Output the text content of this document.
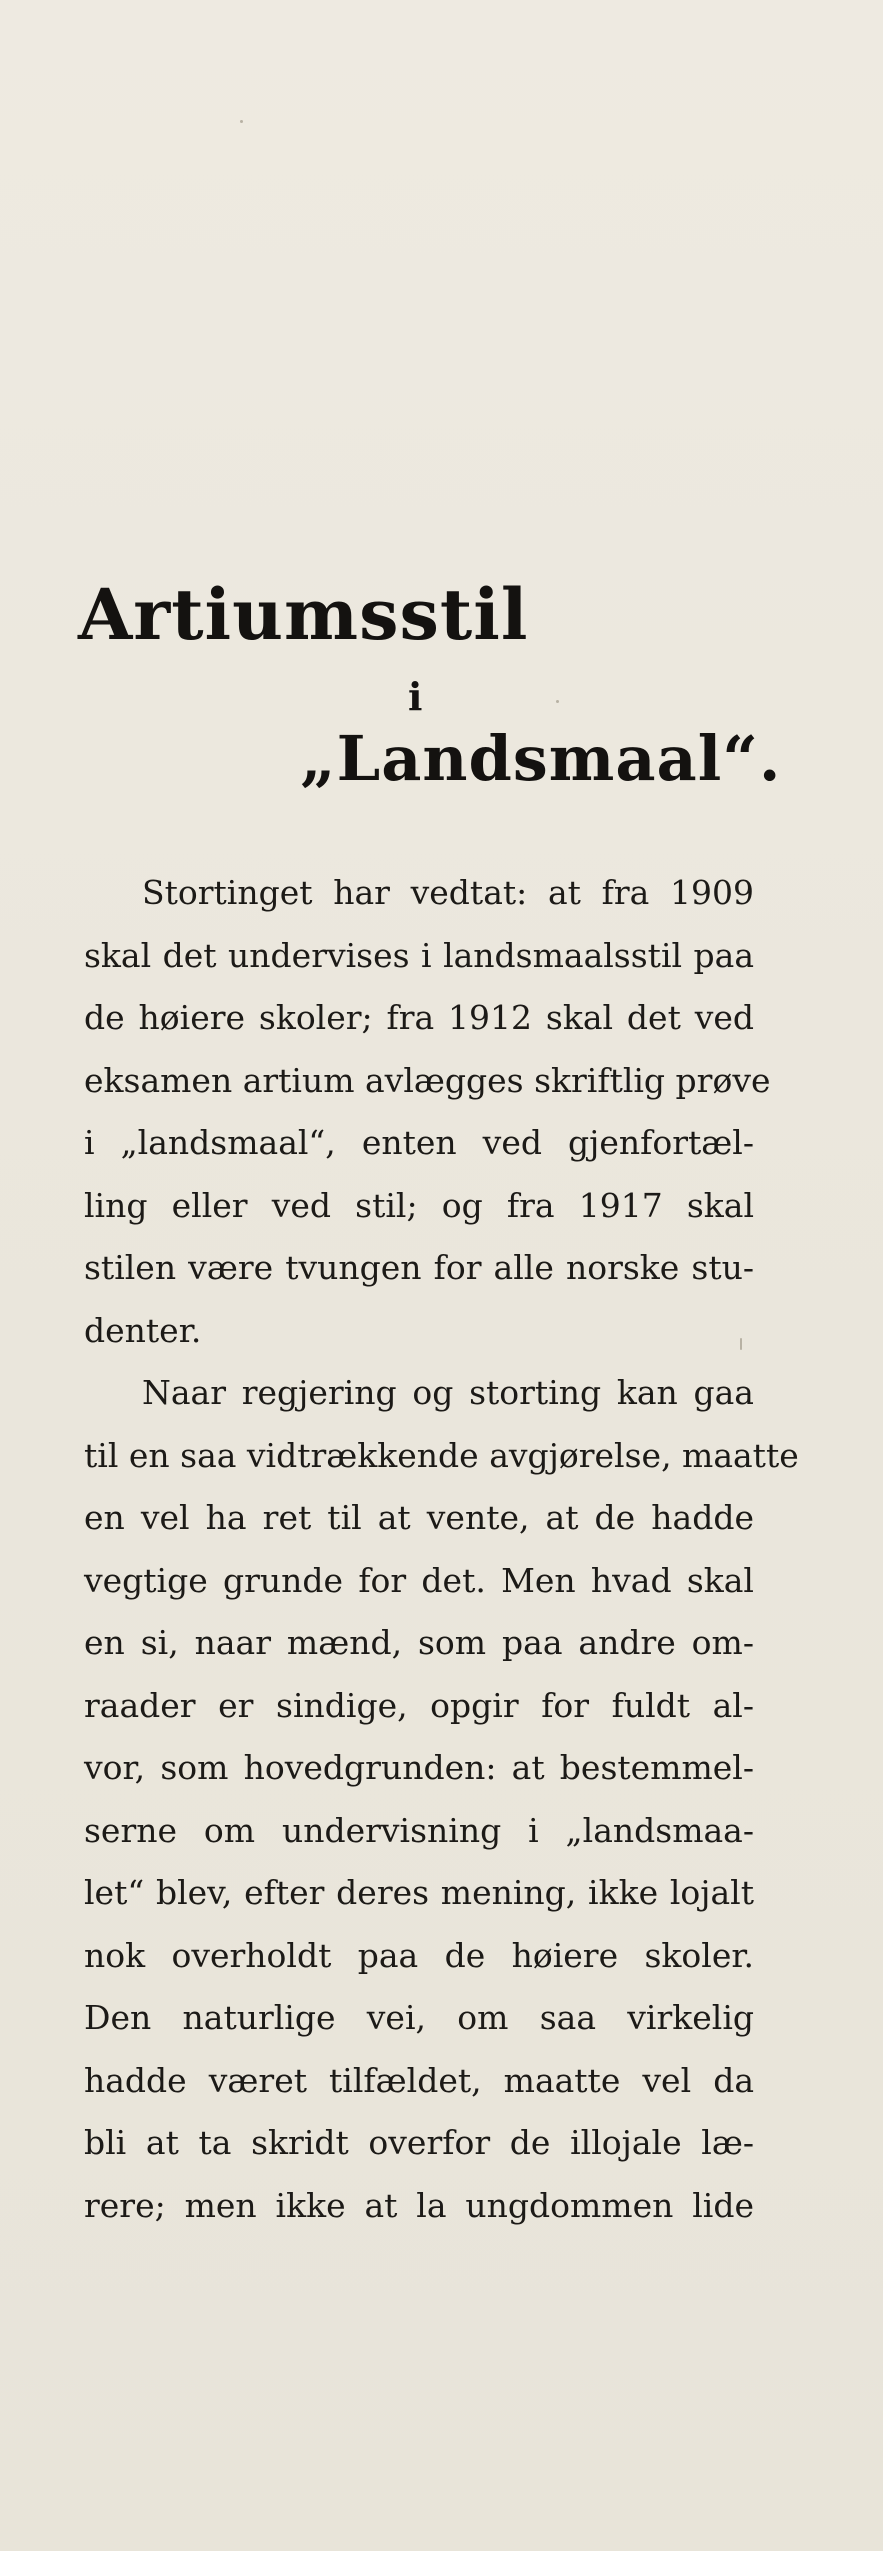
Artiumsstil
i
„Landsmaal“.
Stortinget har vedtat: at fra 1909
skal det undervises i landsmaalsstil paa
de høiere skoler; fra 1912 skal det ved
eksamen artium avlægges skriftlig prøve
i „landsmaal“, enten ved gjenfortæl-
ling eller ved stil; og fra 1917 skal
stilen være tvungen for alle norske stu-
denter.
Naar regjering og storting kan gaa
til en saa vidtrækkende avgjørelse, maatte
en vel ha ret til at vente, at de hadde
vegtige grunde for det. Men hvad skal
en si, naar mænd, som paa andre om-
raader er sindige, opgir for fuldt al-
vor, som hovedgrunden: at bestemmel-
serne om undervisning i „landsmaa-
let“ blev, efter deres mening, ikke lojalt
nok overholdt paa de høiere skoler.
Den naturlige vei, om saa virkelig
hadde været tilfældet, maatte vel da
bli at ta skridt overfor de illojale læ-
rere; men ikke at la ungdommen lide
